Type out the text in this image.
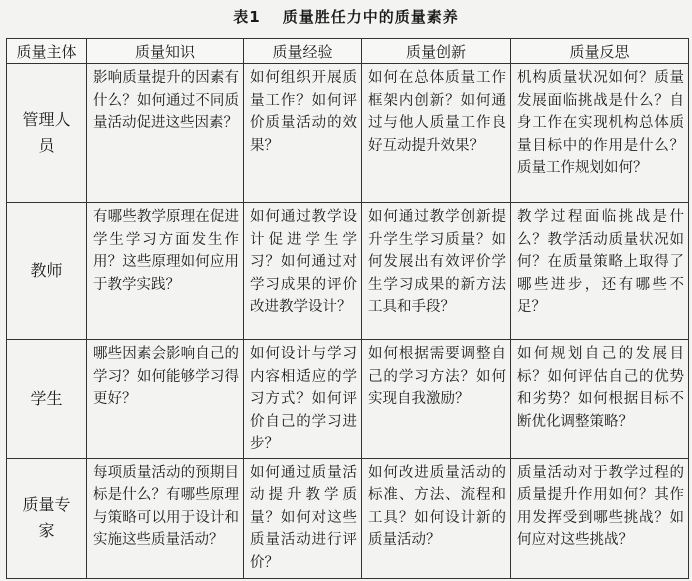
表1 质量胜任力中的质量素养
质量主体	质量知识	质量经验	质量创新	质量反思
管理人员	影响质量提升的因素有什么？如何通过不同质量活动促进这些因素？	如何组织开展质量工作？如何评价质量活动的效果？	如何在总体质量工作框架内创新？如何通过与他人质量工作良好互动提升效果？	机构质量状况如何？质量发展面临挑战是什么？自身工作在实现机构总体质量目标中的作用是什么？质量工作规划如何？
教师	有哪些教学原理在促进学生学习方面发生作用？这些原理如何应用于教学实践？	如何通过教学设计促进学生学习？如何通过对学习成果的评价改进教学设计？	如何通过教学创新提升学生学习质量？如何发展出有效评价学生学习成果的新方法工具和手段？	教学过程面临挑战是什么？教学活动质量状况如何？在质量策略上取得了哪些进步，还有哪些不足？
学生	哪些因素会影响自己的学习？如何能够学习得更好？	如何设计与学习内容相适应的学习方式？如何评价自己的学习进步？	如何根据需要调整自己的学习方法？如何实现自我激励？	如何规划自己的发展目标？如何评估自己的优势和劣势？如何根据目标不断优化调整策略？
质量专家	每项质量活动的预期目标是什么？有哪些原理与策略可以用于设计和实施这些质量活动？	如何通过质量活动提升教学质量？如何对这些质量活动进行评价？	如何改进质量活动的标准、方法、流程和工具？如何设计新的质量活动？	质量活动对于教学过程的质量提升作用如何？其作用发挥受到哪些挑战？如何应对这些挑战？
